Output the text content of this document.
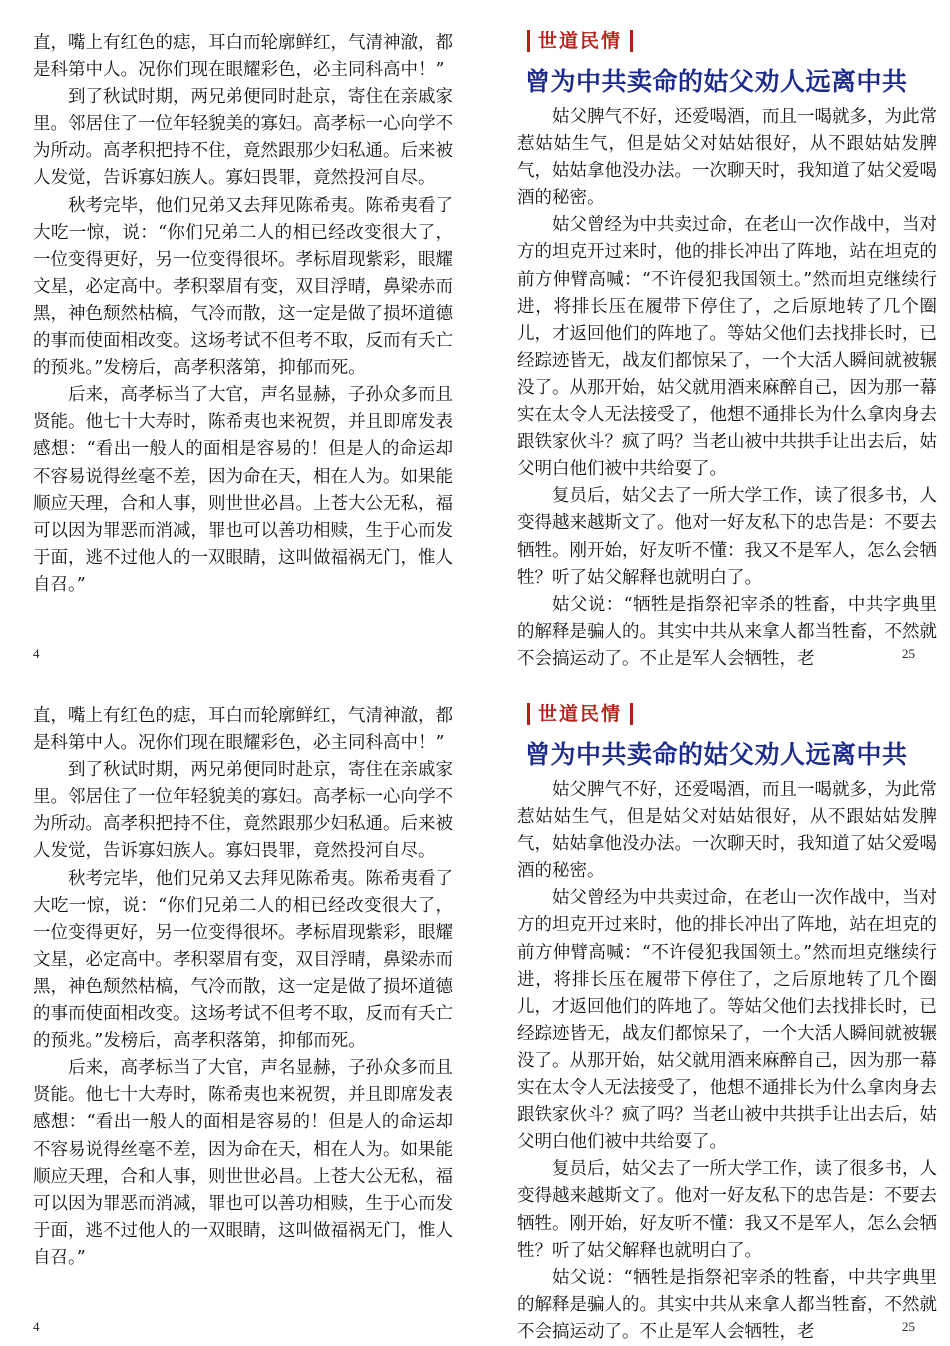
直，嘴上有红色的痣，耳白而轮廓鲜红，气清神澈，都是科第中人。况你们现在眼耀彩色，必主同科高中！”

到了秋试时期，两兄弟便同时赴京，寄住在亲戚家里。邻居住了一位年轻貌美的寡妇。高孝标一心向学不为所动。高孝积把持不住，竟然跟那少妇私通。后来被人发觉，告诉寡妇族人。寡妇畏罪，竟然投河自尽。

秋考完毕，他们兄弟又去拜见陈希夷。陈希夷看了大吃一惊，说：“你们兄弟二人的相已经改变很大了，一位变得更好，另一位变得很坏。孝标眉现紫彩，眼耀文星，必定高中。孝积翠眉有变，双目浮晴，鼻梁赤而黑，神色颓然枯槁，气冷而散，这一定是做了损坏道德的事而使面相改变。这场考试不但考不取，反而有夭亡的预兆。”发榜后，高孝积落第，抑郁而死。

后来，高孝标当了大官，声名显赫，子孙众多而且贤能。他七十大寿时，陈希夷也来祝贺，并且即席发表感想：“看出一般人的面相是容易的！但是人的命运却不容易说得丝毫不差，因为命在天，相在人为。如果能顺应天理，合和人事，则世世必昌。上苍大公无私，福可以因为罪恶而消减，罪也可以善功相赎，生于心而发于面，逃不过他人的一双眼睛，这叫做福祸无门，惟人自召。”

世道民情
曾为中共卖命的姑父劝人远离中共

姑父脾气不好，还爱喝酒，而且一喝就多，为此常惹姑姑生气，但是姑父对姑姑很好，从不跟姑姑发脾气，姑姑拿他没办法。一次聊天时，我知道了姑父爱喝酒的秘密。

姑父曾经为中共卖过命，在老山一次作战中，当对方的坦克开过来时，他的排长冲出了阵地，站在坦克的前方伸臂高喊：“不许侵犯我国领土。”然而坦克继续行进，将排长压在履带下停住了，之后原地转了几个圈儿，才返回他们的阵地了。等姑父他们去找排长时，已经踪迹皆无，战友们都惊呆了，一个大活人瞬间就被辗没了。从那开始，姑父就用酒来麻醉自己，因为那一幕实在太令人无法接受了，他想不通排长为什么拿肉身去跟铁家伙斗？疯了吗？当老山被中共拱手让出去后，姑父明白他们被中共给耍了。

复员后，姑父去了一所大学工作，读了很多书，人变得越来越斯文了。他对一好友私下的忠告是：不要去牺牲。刚开始，好友听不懂：我又不是军人，怎么会牺牲？听了姑父解释也就明白了。

姑父说：“牺牲是指祭祀宰杀的牲畜，中共字典里的解释是骗人的。其实中共从来拿人都当牲畜，不然就不会搞运动了。不止是军人会牺牲，老

4	25

直，嘴上有红色的痣，耳白而轮廓鲜红，气清神澈，都是科第中人。况你们现在眼耀彩色，必主同科高中！”

到了秋试时期，两兄弟便同时赴京，寄住在亲戚家里。邻居住了一位年轻貌美的寡妇。高孝标一心向学不为所动。高孝积把持不住，竟然跟那少妇私通。后来被人发觉，告诉寡妇族人。寡妇畏罪，竟然投河自尽。

秋考完毕，他们兄弟又去拜见陈希夷。陈希夷看了大吃一惊，说：“你们兄弟二人的相已经改变很大了，一位变得更好，另一位变得很坏。孝标眉现紫彩，眼耀文星，必定高中。孝积翠眉有变，双目浮晴，鼻梁赤而黑，神色颓然枯槁，气冷而散，这一定是做了损坏道德的事而使面相改变。这场考试不但考不取，反而有夭亡的预兆。”发榜后，高孝积落第，抑郁而死。

后来，高孝标当了大官，声名显赫，子孙众多而且贤能。他七十大寿时，陈希夷也来祝贺，并且即席发表感想：“看出一般人的面相是容易的！但是人的命运却不容易说得丝毫不差，因为命在天，相在人为。如果能顺应天理，合和人事，则世世必昌。上苍大公无私，福可以因为罪恶而消减，罪也可以善功相赎，生于心而发于面，逃不过他人的一双眼睛，这叫做福祸无门，惟人自召。”

世道民情
曾为中共卖命的姑父劝人远离中共

姑父脾气不好，还爱喝酒，而且一喝就多，为此常惹姑姑生气，但是姑父对姑姑很好，从不跟姑姑发脾气，姑姑拿他没办法。一次聊天时，我知道了姑父爱喝酒的秘密。

姑父曾经为中共卖过命，在老山一次作战中，当对方的坦克开过来时，他的排长冲出了阵地，站在坦克的前方伸臂高喊：“不许侵犯我国领土。”然而坦克继续行进，将排长压在履带下停住了，之后原地转了几个圈儿，才返回他们的阵地了。等姑父他们去找排长时，已经踪迹皆无，战友们都惊呆了，一个大活人瞬间就被辗没了。从那开始，姑父就用酒来麻醉自己，因为那一幕实在太令人无法接受了，他想不通排长为什么拿肉身去跟铁家伙斗？疯了吗？当老山被中共拱手让出去后，姑父明白他们被中共给耍了。

复员后，姑父去了一所大学工作，读了很多书，人变得越来越斯文了。他对一好友私下的忠告是：不要去牺牲。刚开始，好友听不懂：我又不是军人，怎么会牺牲？听了姑父解释也就明白了。

姑父说：“牺牲是指祭祀宰杀的牲畜，中共字典里的解释是骗人的。其实中共从来拿人都当牲畜，不然就不会搞运动了。不止是军人会牺牲，老

4	25
